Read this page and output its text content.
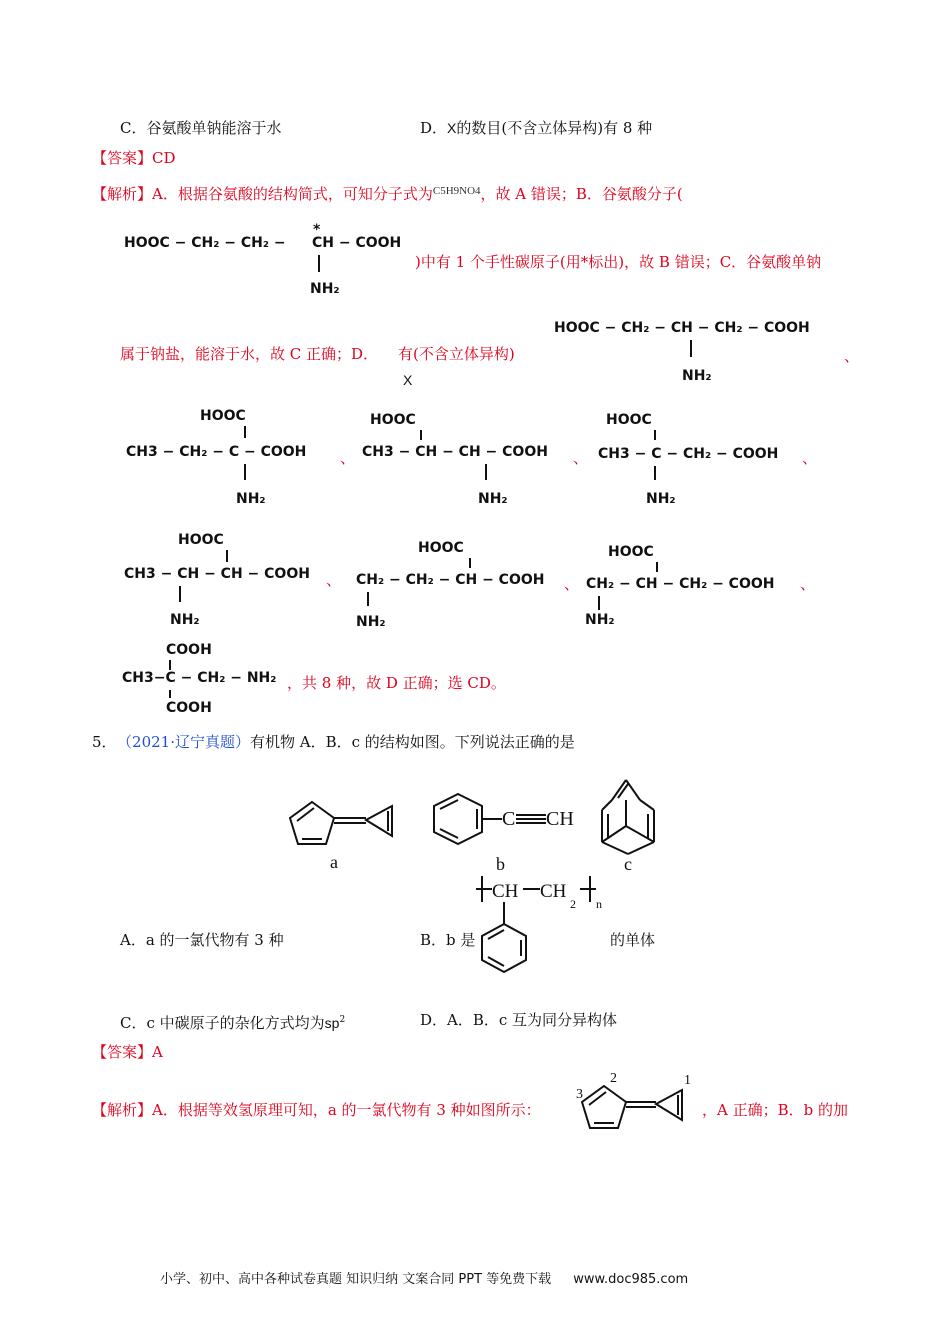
C．谷氨酸单钠能溶于水	D．X的数目(不含立体异构)有 8 种
【答案】CD
【解析】A．根据谷氨酸的结构简式，可知分子式为$^{C5H9NO4}$，故 A 错误；B．谷氨酸分子(
HOOC − CH₂ − CH₂ −
*
CH − COOH
NH₂
)中有 1 个手性碳原子(用*标出)，故 B 错误；C．谷氨酸单钠
HOOC − CH₂ − CH − CH₂ − COOH
NH₂
属于钠盐，能溶于水，故 C 正确；D． 有(不含立体异构)
X
、
HOOC
CH3 − CH₂ − C − COOH
NH₂
HOOC
CH3 − CH − CH − COOH
NH₂
HOOC
CH3 − C − CH₂ − COOH
NH₂
、	、	、
HOOC
CH3 − CH − CH − COOH
NH₂
HOOC
CH₂ − CH₂ − CH − COOH
NH₂
HOOC
CH₂ − CH − CH₂ − COOH
NH₂
、	、	、
COOH
CH3−C − CH₂ − NH₂
COOH
，共 8 种，故 D 正确；选 CD。
5． （2021·辽宁真题）有机物 A．B．c 的结构如图。下列说法正确的是
a
C CH
b	c
A．a 的一氯代物有 3 种	B．b 是
CH CH
2 n
的单体
C．c 中碳原子的杂化方式均为$sp^2$	D．A．B．c 互为同分异构体
【答案】A
【解析】A．根据等效氢原理可知，a 的一氯代物有 3 种如图所示：
3
2	1
，A 正确；B．b 的加
小学、初中、高中各种试卷真题 知识归纳 文案合同 PPT 等免费下载 www.doc985.com
